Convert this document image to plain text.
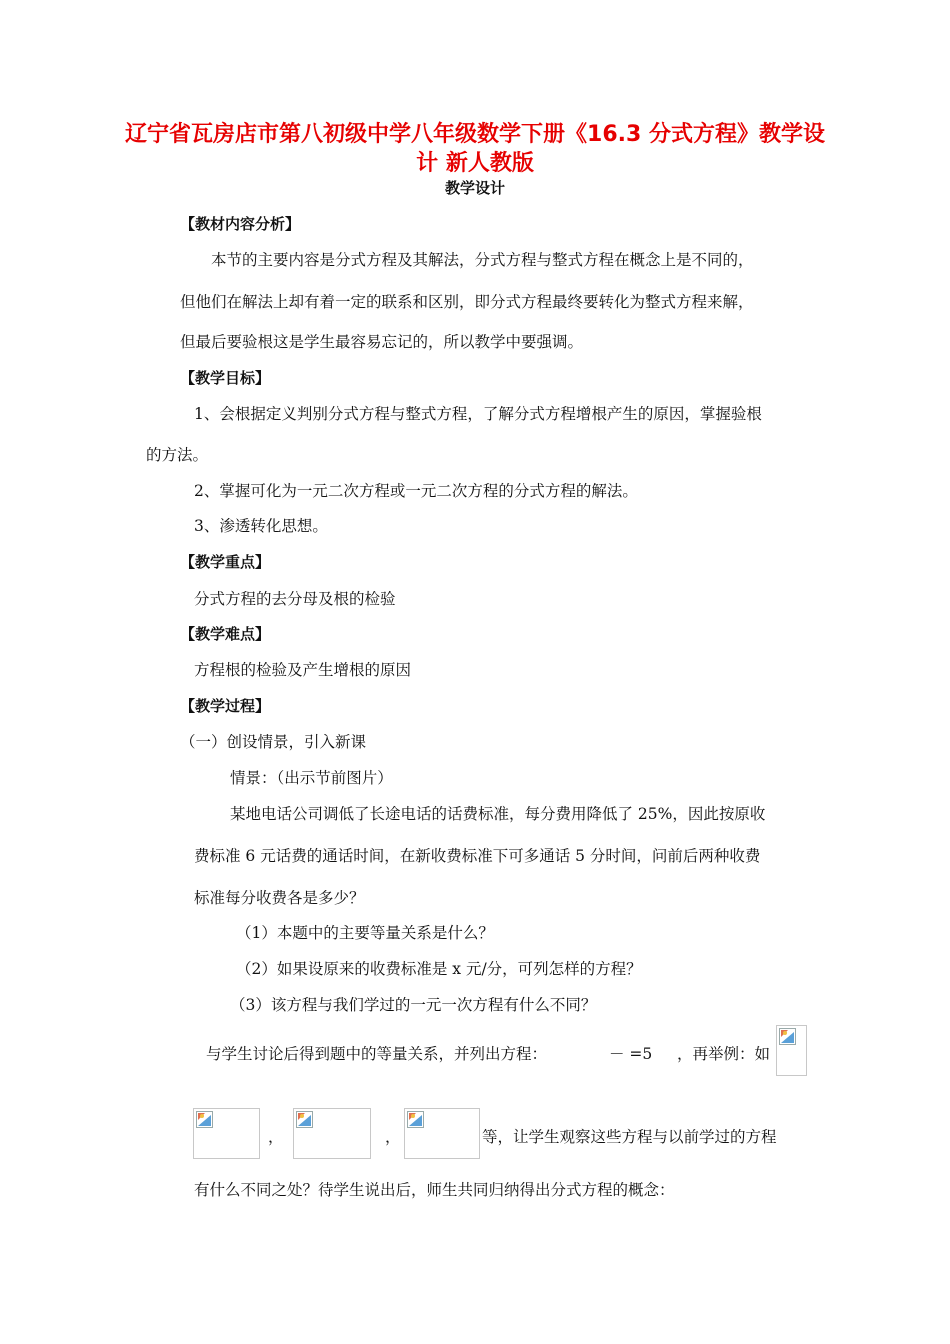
辽宁省瓦房店市第八初级中学八年级数学下册《16.3 分式方程》教学设计 新人教版
教学设计
【教材内容分析】
本节的主要内容是分式方程及其解法，分式方程与整式方程在概念上是不同的，
但他们在解法上却有着一定的联系和区别，即分式方程最终要转化为整式方程来解，
但最后要验根这是学生最容易忘记的，所以教学中要强调。
【教学目标】
1、会根据定义判别分式方程与整式方程，了解分式方程增根产生的原因，掌握验根
的方法。
2、掌握可化为一元二次方程或一元二次方程的分式方程的解法。
3、渗透转化思想。
【教学重点】
分式方程的去分母及根的检验
【教学难点】
方程根的检验及产生增根的原因
【教学过程】
（一）创设情景，引入新课
情景：（出示节前图片）
某地电话公司调低了长途电话的话费标准，每分费用降低了 25%，因此按原收
费标准 6 元话费的通话时间，在新收费标准下可多通话 5 分时间，问前后两种收费
标准每分收费各是多少？
（1）本题中的主要等量关系是什么？
（2）如果设原来的收费标准是 x 元/分，可列怎样的方程？
（3）该方程与我们学过的一元一次方程有什么不同？
与学生讨论后得到题中的等量关系，并列出方程：	－ =5 ，再举例：如
，	，	等，让学生观察这些方程与以前学过的方程
有什么不同之处？待学生说出后，师生共同归纳得出分式方程的概念：
